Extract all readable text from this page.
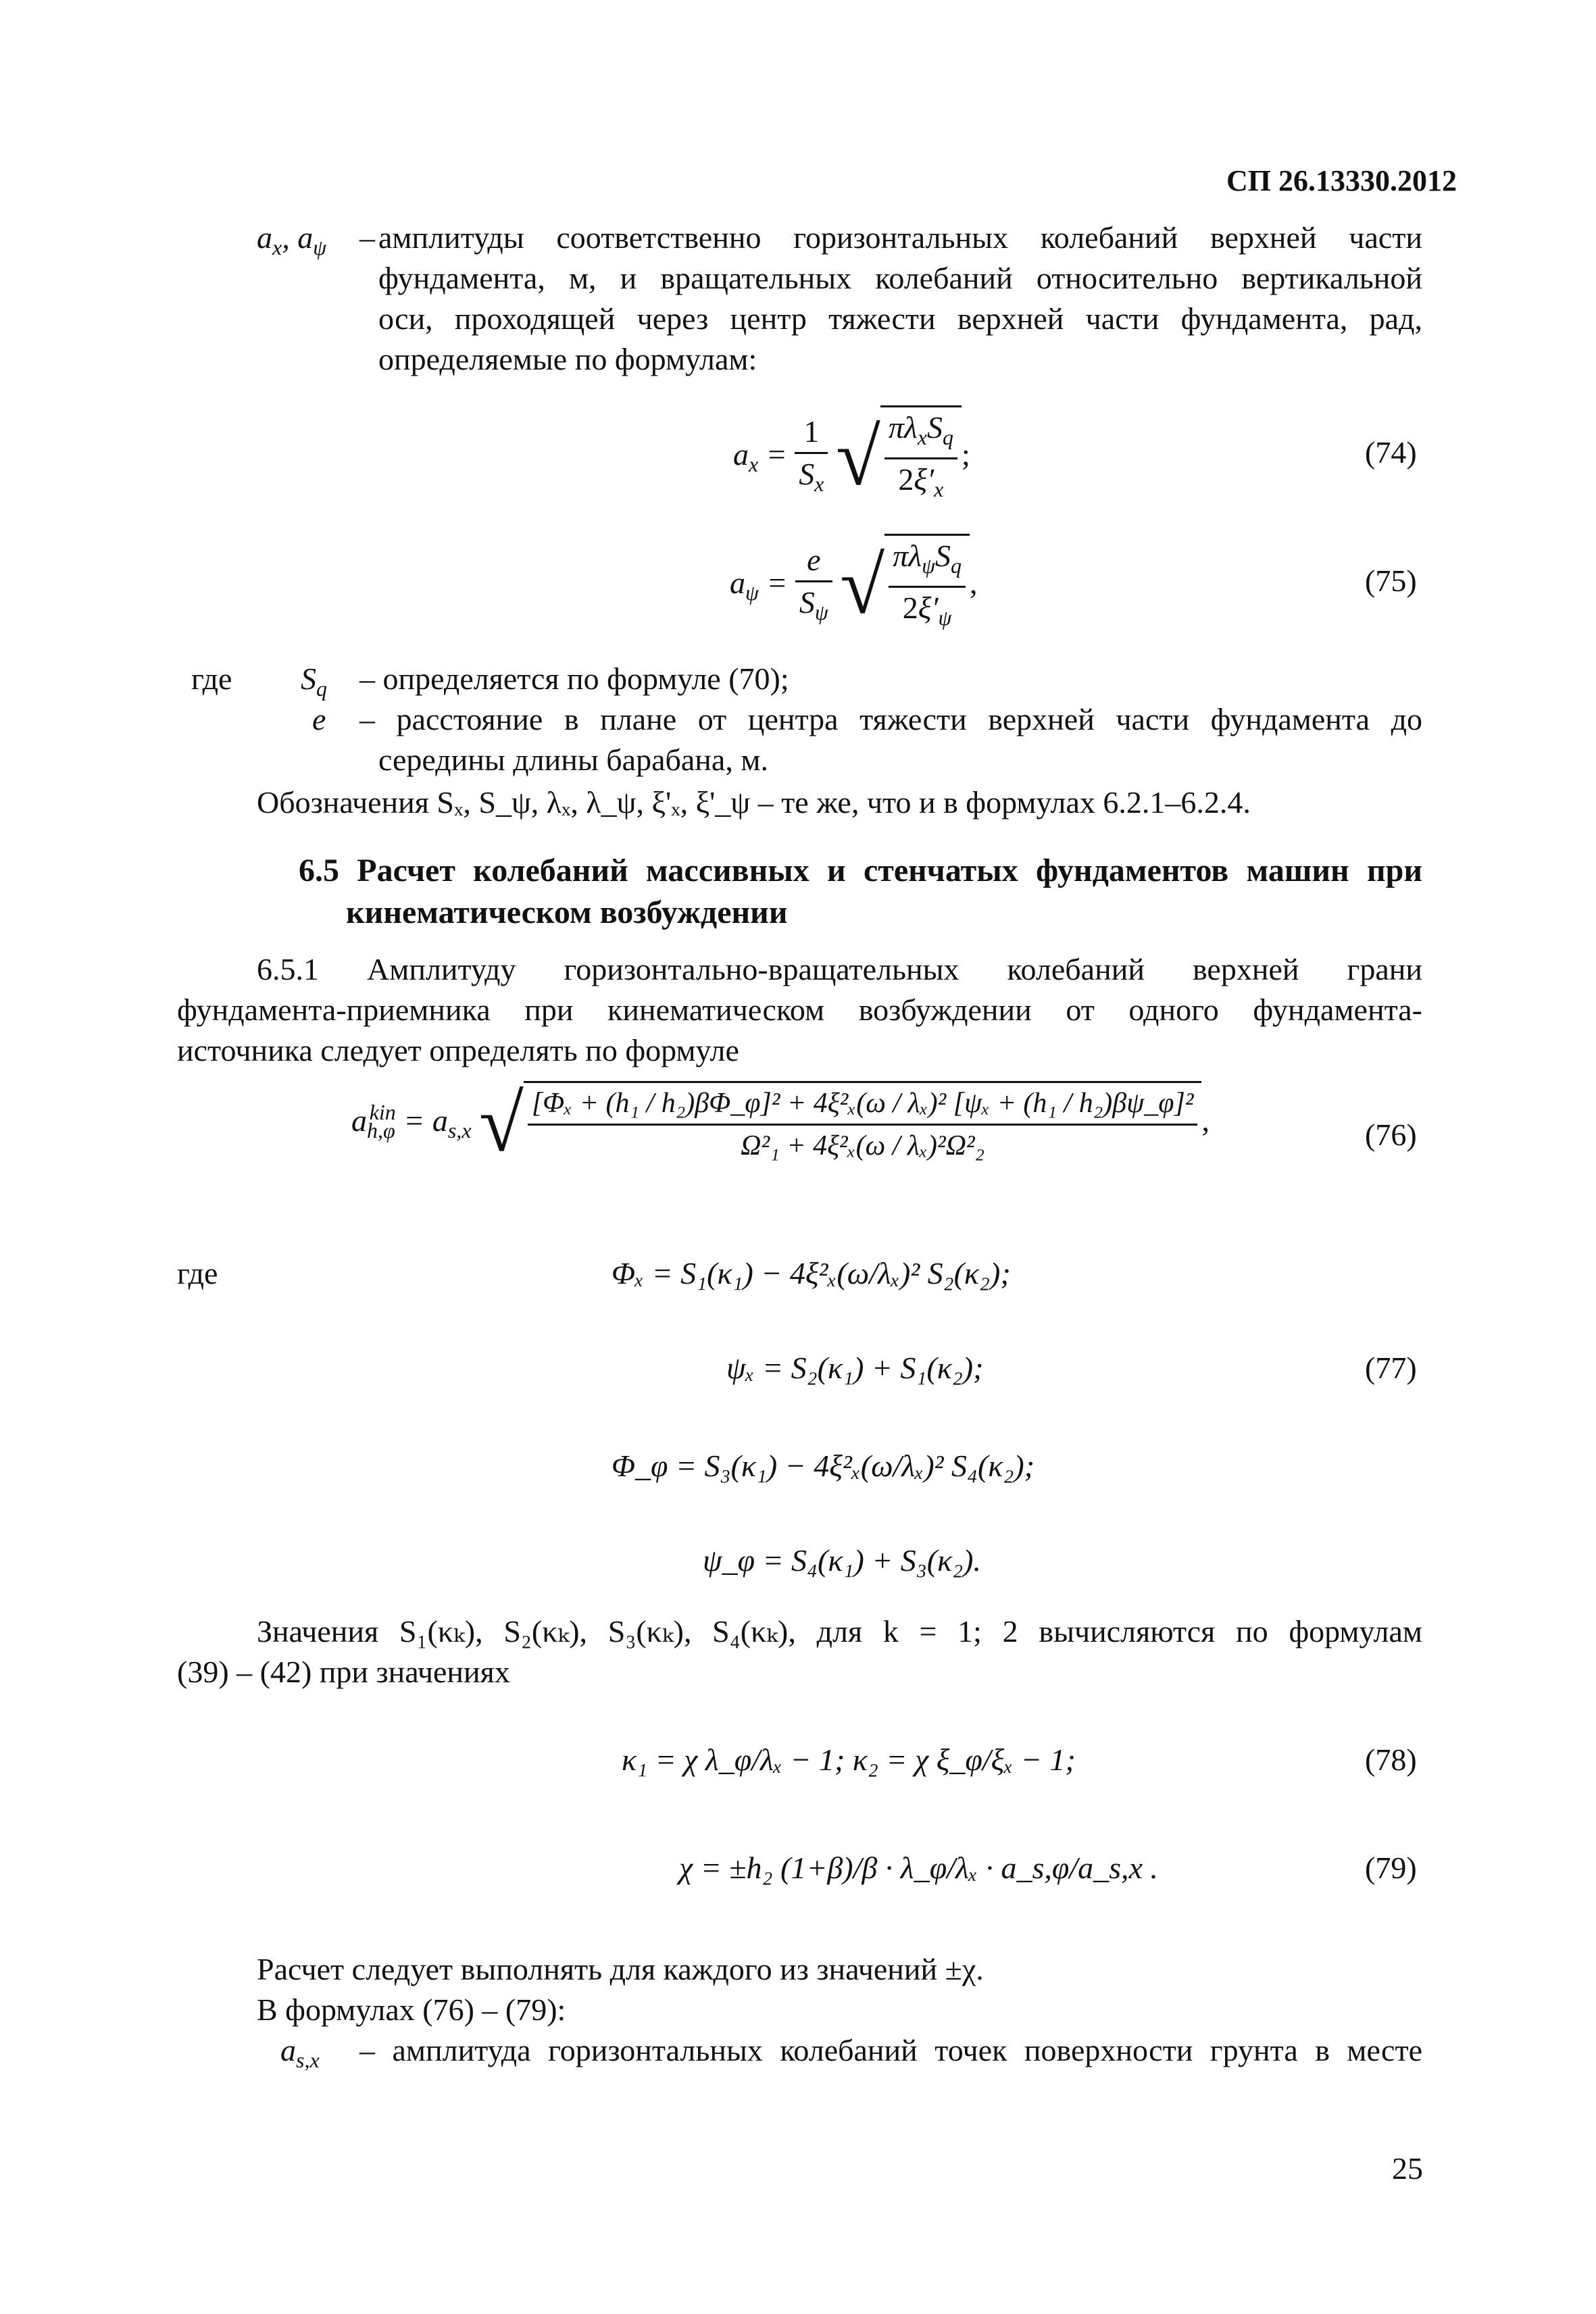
СП 26.13330.2012
$a_x$, $a_\psi$ – амплитуды соответственно горизонтальных колебаний верхней части
фундамента, м, и вращательных колебаний относительно вертикальной
оси, проходящей через центр тяжести верхней части фундамента, рад,
определяемые по формулам:
$a_x = \frac{1}{S_x}$ √ $\frac{\pi\lambda_xS_q}{2\xi'_x}$ ;	(74)
$a_\psi = \frac{e}{S_\psi}$ √ $\frac{\pi\lambda_\psi S_q}{2\xi'_\psi}$ ,	(75)
где $S_q$ – определяется по формуле (70);
e – расстояние в плане от центра тяжести верхней части фундамента до
середины длины барабана, м.
Обозначения Sₓ, S_ψ, λₓ, λ_ψ, ξ'ₓ, ξ'_ψ – те же, что и в формулах 6.2.1–6.2.4.
6.5 Расчет колебаний массивных и стенчатых фундаментов машин при
кинематическом возбуждении
6.5.1 Амплитуду горизонтально-вращательных колебаний верхней грани
фундамента-приемника при кинематическом возбуждении от одного фундамента-
источника следует определять по формуле
$a_{h,\varphi}^{kin} = a_{s,x}$ √ $\frac{\text{[Φₓ + (h₁ / h₂)βΦ\_φ]² + 4ξ²ₓ(ω / λₓ)² [ψₓ + (h₁ / h₂)βψ\_φ]²}}{\text{Ω²₁ + 4ξ²ₓ(ω / λₓ)²Ω²₂}}$ ,	(76)
где	Φₓ = S₁(κ₁) − 4ξ²ₓ(ω/λₓ)² S₂(κ₂);
ψₓ = S₂(κ₁) + S₁(κ₂);	(77)
Φ_φ = S₃(κ₁) − 4ξ²ₓ(ω/λₓ)² S₄(κ₂);
ψ_φ = S₄(κ₁) + S₃(κ₂).
Значения S₁(κₖ), S₂(κₖ), S₃(κₖ), S₄(κₖ), для k = 1; 2 вычисляются по формулам
(39) – (42) при значениях
κ₁ = χ λ_φ/λₓ − 1; κ₂ = χ ξ_φ/ξₓ − 1;	(78)
χ = ±h₂ (1+β)/β · λ_φ/λₓ · a_s,φ/a_s,x .	(79)
Расчет следует выполнять для каждого из значений ±χ.
В формулах (76) – (79):
$a_{s,x}$ – амплитуда горизонтальных колебаний точек поверхности грунта в месте
25
